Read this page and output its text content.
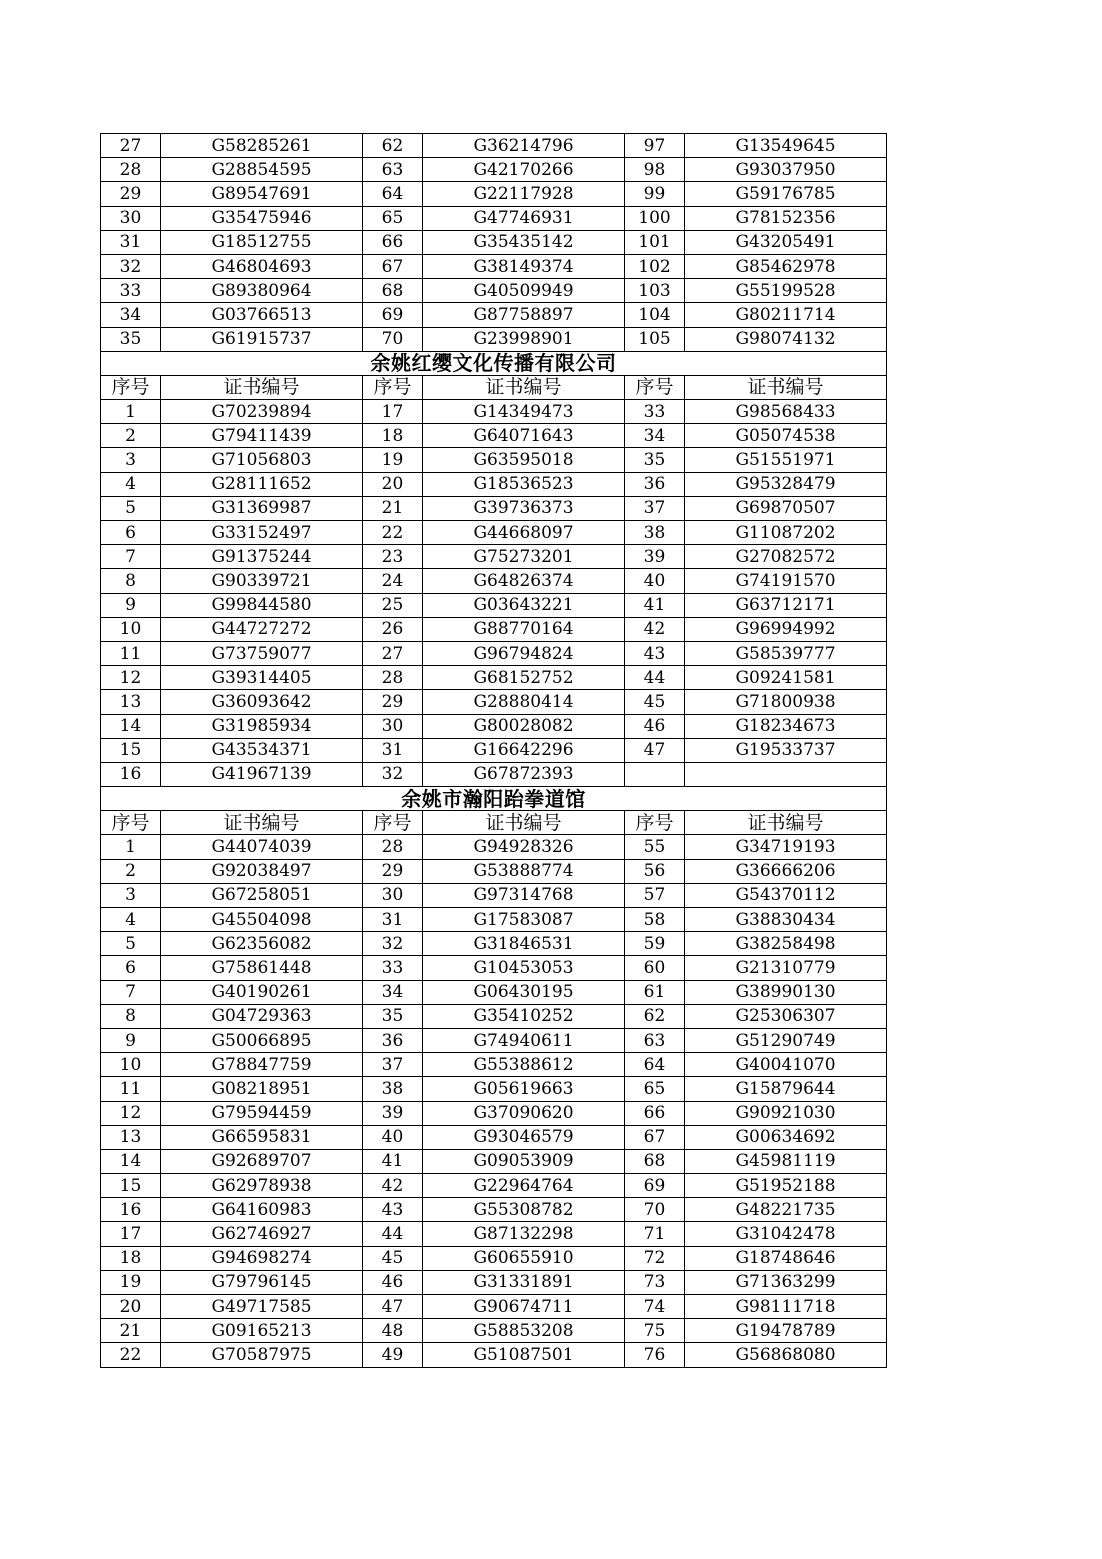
27	G58285261	62	G36214796	97	G13549645
28	G28854595	63	G42170266	98	G93037950
29	G89547691	64	G22117928	99	G59176785
30	G35475946	65	G47746931	100	G78152356
31	G18512755	66	G35435142	101	G43205491
32	G46804693	67	G38149374	102	G85462978
33	G89380964	68	G40509949	103	G55199528
34	G03766513	69	G87758897	104	G80211714
35	G61915737	70	G23998901	105	G98074132
余姚红缨文化传播有限公司					
序号	证书编号	序号	证书编号	序号	证书编号
1	G70239894	17	G14349473	33	G98568433
2	G79411439	18	G64071643	34	G05074538
3	G71056803	19	G63595018	35	G51551971
4	G28111652	20	G18536523	36	G95328479
5	G31369987	21	G39736373	37	G69870507
6	G33152497	22	G44668097	38	G11087202
7	G91375244	23	G75273201	39	G27082572
8	G90339721	24	G64826374	40	G74191570
9	G99844580	25	G03643221	41	G63712171
10	G44727272	26	G88770164	42	G96994992
11	G73759077	27	G96794824	43	G58539777
12	G39314405	28	G68152752	44	G09241581
13	G36093642	29	G28880414	45	G71800938
14	G31985934	30	G80028082	46	G18234673
15	G43534371	31	G16642296	47	G19533737
16	G41967139	32	G67872393		
余姚市瀚阳跆拳道馆					
序号	证书编号	序号	证书编号	序号	证书编号
1	G44074039	28	G94928326	55	G34719193
2	G92038497	29	G53888774	56	G36666206
3	G67258051	30	G97314768	57	G54370112
4	G45504098	31	G17583087	58	G38830434
5	G62356082	32	G31846531	59	G38258498
6	G75861448	33	G10453053	60	G21310779
7	G40190261	34	G06430195	61	G38990130
8	G04729363	35	G35410252	62	G25306307
9	G50066895	36	G74940611	63	G51290749
10	G78847759	37	G55388612	64	G40041070
11	G08218951	38	G05619663	65	G15879644
12	G79594459	39	G37090620	66	G90921030
13	G66595831	40	G93046579	67	G00634692
14	G92689707	41	G09053909	68	G45981119
15	G62978938	42	G22964764	69	G51952188
16	G64160983	43	G55308782	70	G48221735
17	G62746927	44	G87132298	71	G31042478
18	G94698274	45	G60655910	72	G18748646
19	G79796145	46	G31331891	73	G71363299
20	G49717585	47	G90674711	74	G98111718
21	G09165213	48	G58853208	75	G19478789
22	G70587975	49	G51087501	76	G56868080
